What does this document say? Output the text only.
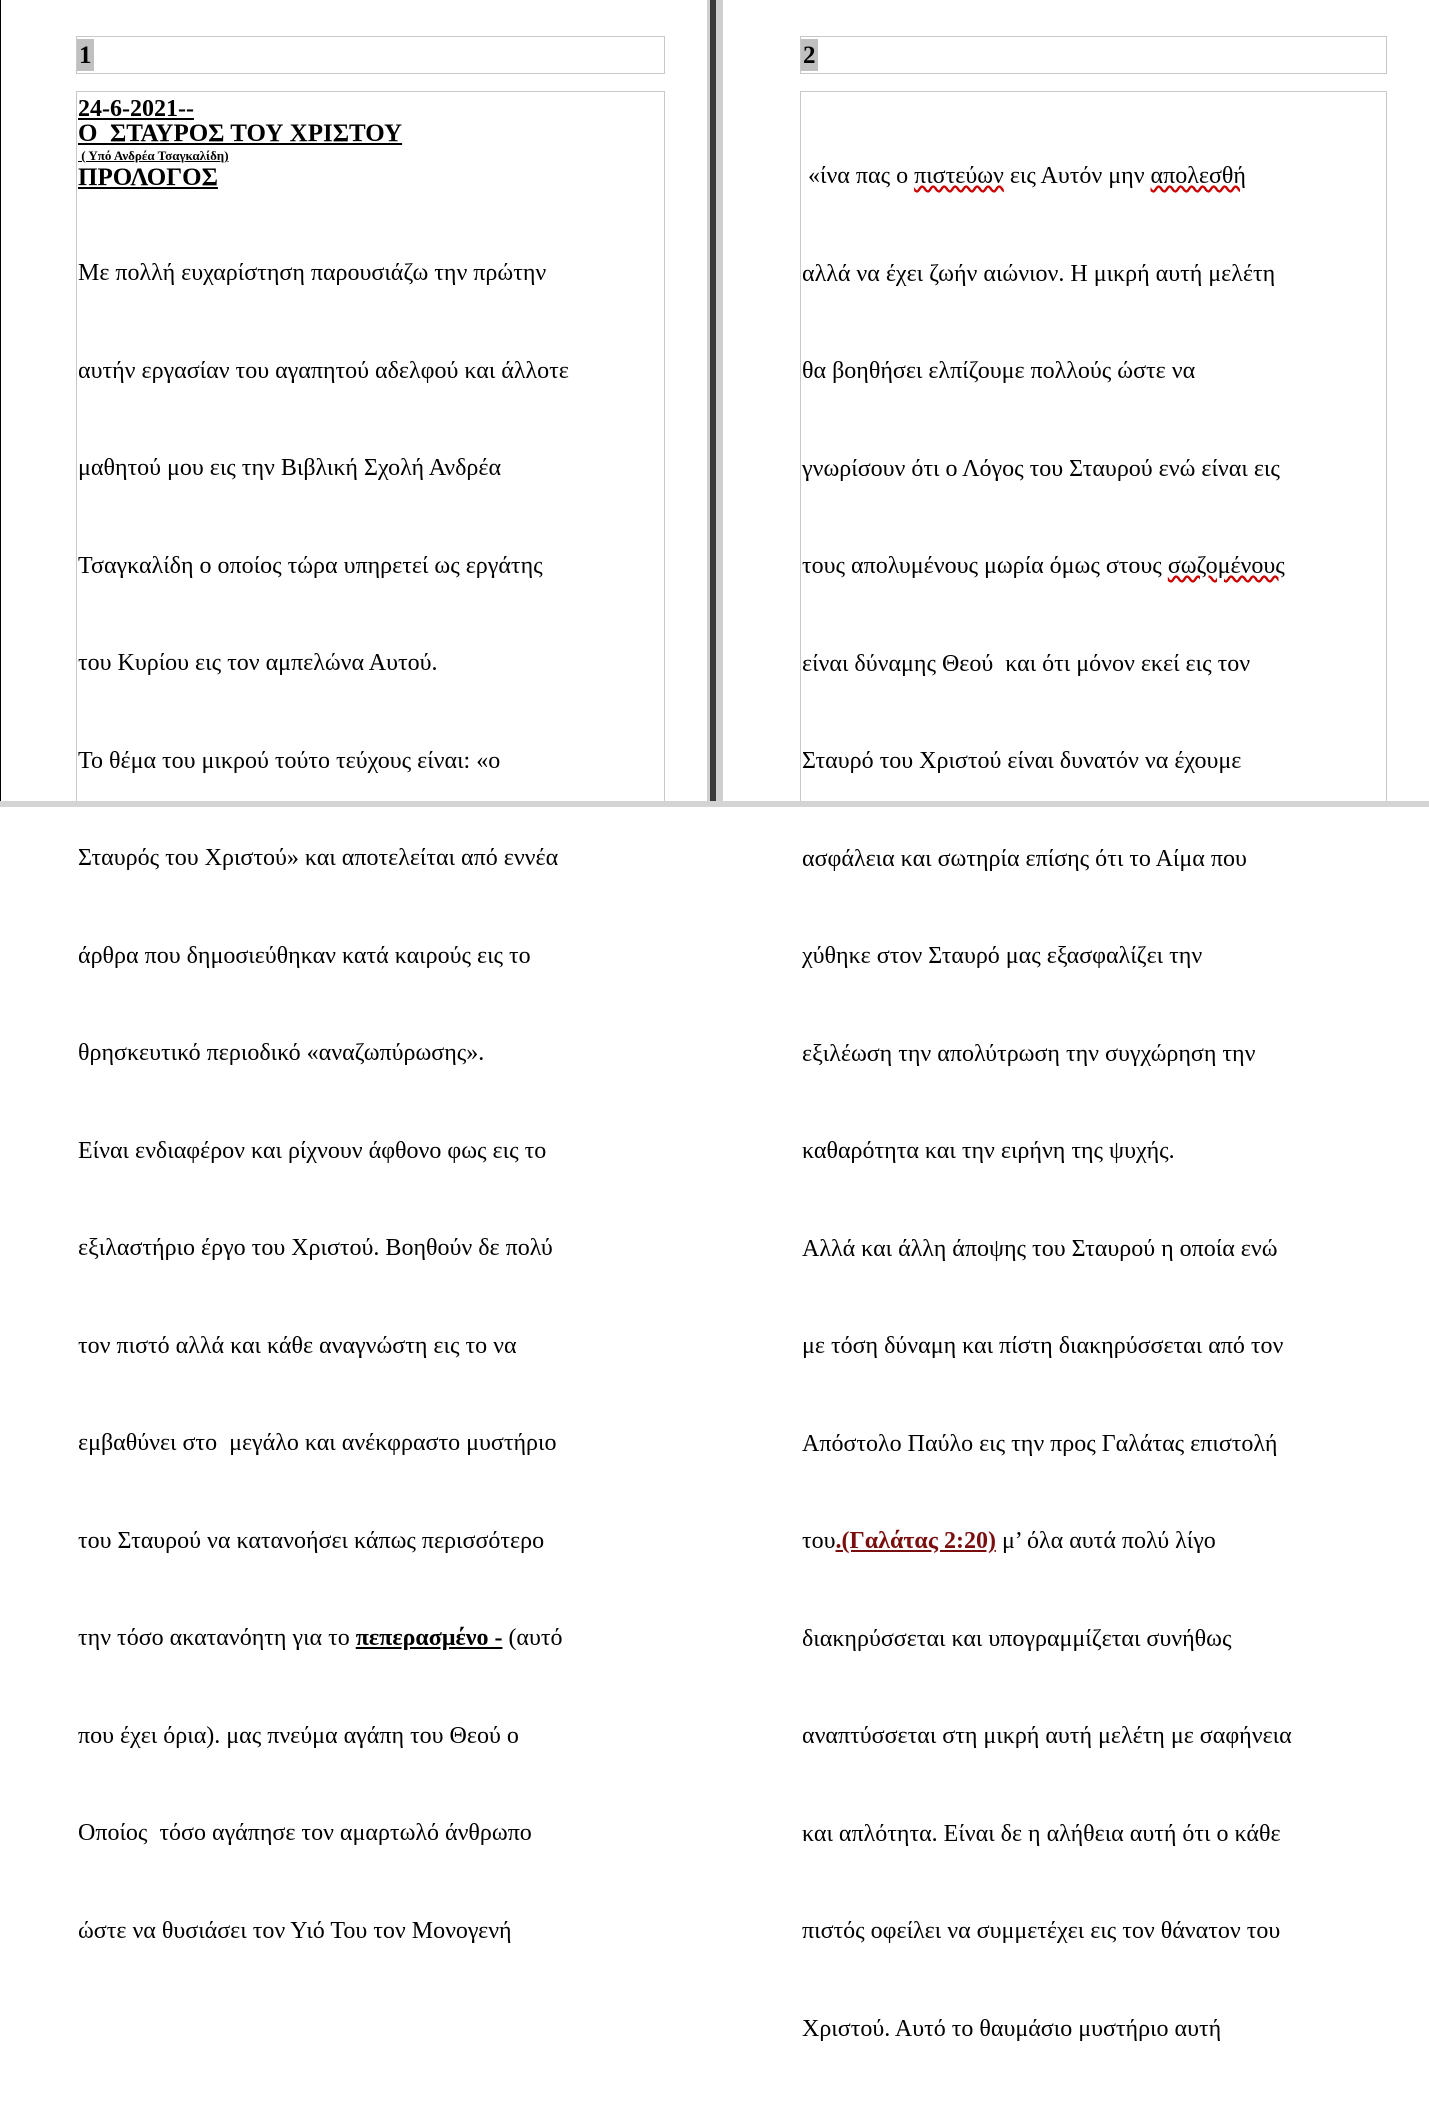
1
24-6-2021--
Ο  ΣΤΑΥΡΟΣ ΤΟΥ ΧΡΙΣΤΟΥ
( Υπό Ανδρέα Τσαγκαλίδη)
ΠΡΟΛΟΓΟΣ

Με πολλή ευχαρίστηση παρουσιάζω την πρώτην

αυτήν εργασίαν του αγαπητού αδελφού και άλλοτε

μαθητού μου εις την Βιβλική Σχολή Ανδρέα

Τσαγκαλίδη ο οποίος τώρα υπηρετεί ως εργάτης

του Κυρίου εις τον αμπελώνα Αυτού.

Το θέμα του μικρού τούτο τεύχους είναι: «ο

Σταυρός του Χριστού» και αποτελείται από εννέα

άρθρα που δημοσιεύθηκαν κατά καιρούς εις το

θρησκευτικό περιοδικό «αναζωπύρωσης».

Είναι ενδιαφέρον και ρίχνουν άφθονο φως εις το

εξιλαστήριο έργο του Χριστού. Βοηθούν δε πολύ

τον πιστό αλλά και κάθε αναγνώστη εις το να

εμβαθύνει στο  μεγάλο και ανέκφραστο μυστήριο

του Σταυρού να κατανοήσει κάπως περισσότερο

την τόσο ακατανόητη για το πεπερασμένο - (αυτό

που έχει όρια). μας πνεύμα αγάπη του Θεού ο

Οποίος  τόσο αγάπησε τον αμαρτωλό άνθρωπο

ώστε να θυσιάσει τον Υιό Του τον Μονογενή

2

«ίνα πας ο πιστεύων εις Αυτόν μην απολεσθή

αλλά να έχει ζωήν αιώνιον. Η μικρή αυτή μελέτη

θα βοηθήσει ελπίζουμε πολλούς ώστε να

γνωρίσουν ότι ο Λόγος του Σταυρού ενώ είναι εις

τους απολυμένους μωρία όμως στους σωζομένους

είναι δύναμης Θεού  και ότι μόνον εκεί εις τον

Σταυρό του Χριστού είναι δυνατόν να έχουμε

ασφάλεια και σωτηρία επίσης ότι το Αίμα που

χύθηκε στον Σταυρό μας εξασφαλίζει την

εξιλέωση την απολύτρωση την συγχώρηση την

καθαρότητα και την ειρήνη της ψυχής.

Αλλά και άλλη άποψης του Σταυρού η οποία ενώ

με τόση δύναμη και πίστη διακηρύσσεται από τον

Απόστολο Παύλο εις την προς Γαλάτας επιστολή

του.(Γαλάτας 2:20) μ’ όλα αυτά πολύ λίγο

διακηρύσσεται και υπογραμμίζεται συνήθως

αναπτύσσεται στη μικρή αυτή μελέτη με σαφήνεια

και απλότητα. Είναι δε η αλήθεια αυτή ότι ο κάθε

πιστός οφείλει να συμμετέχει εις τον θάνατον του

Χριστού. Αυτό το θαυμάσιο μυστήριο αυτή
